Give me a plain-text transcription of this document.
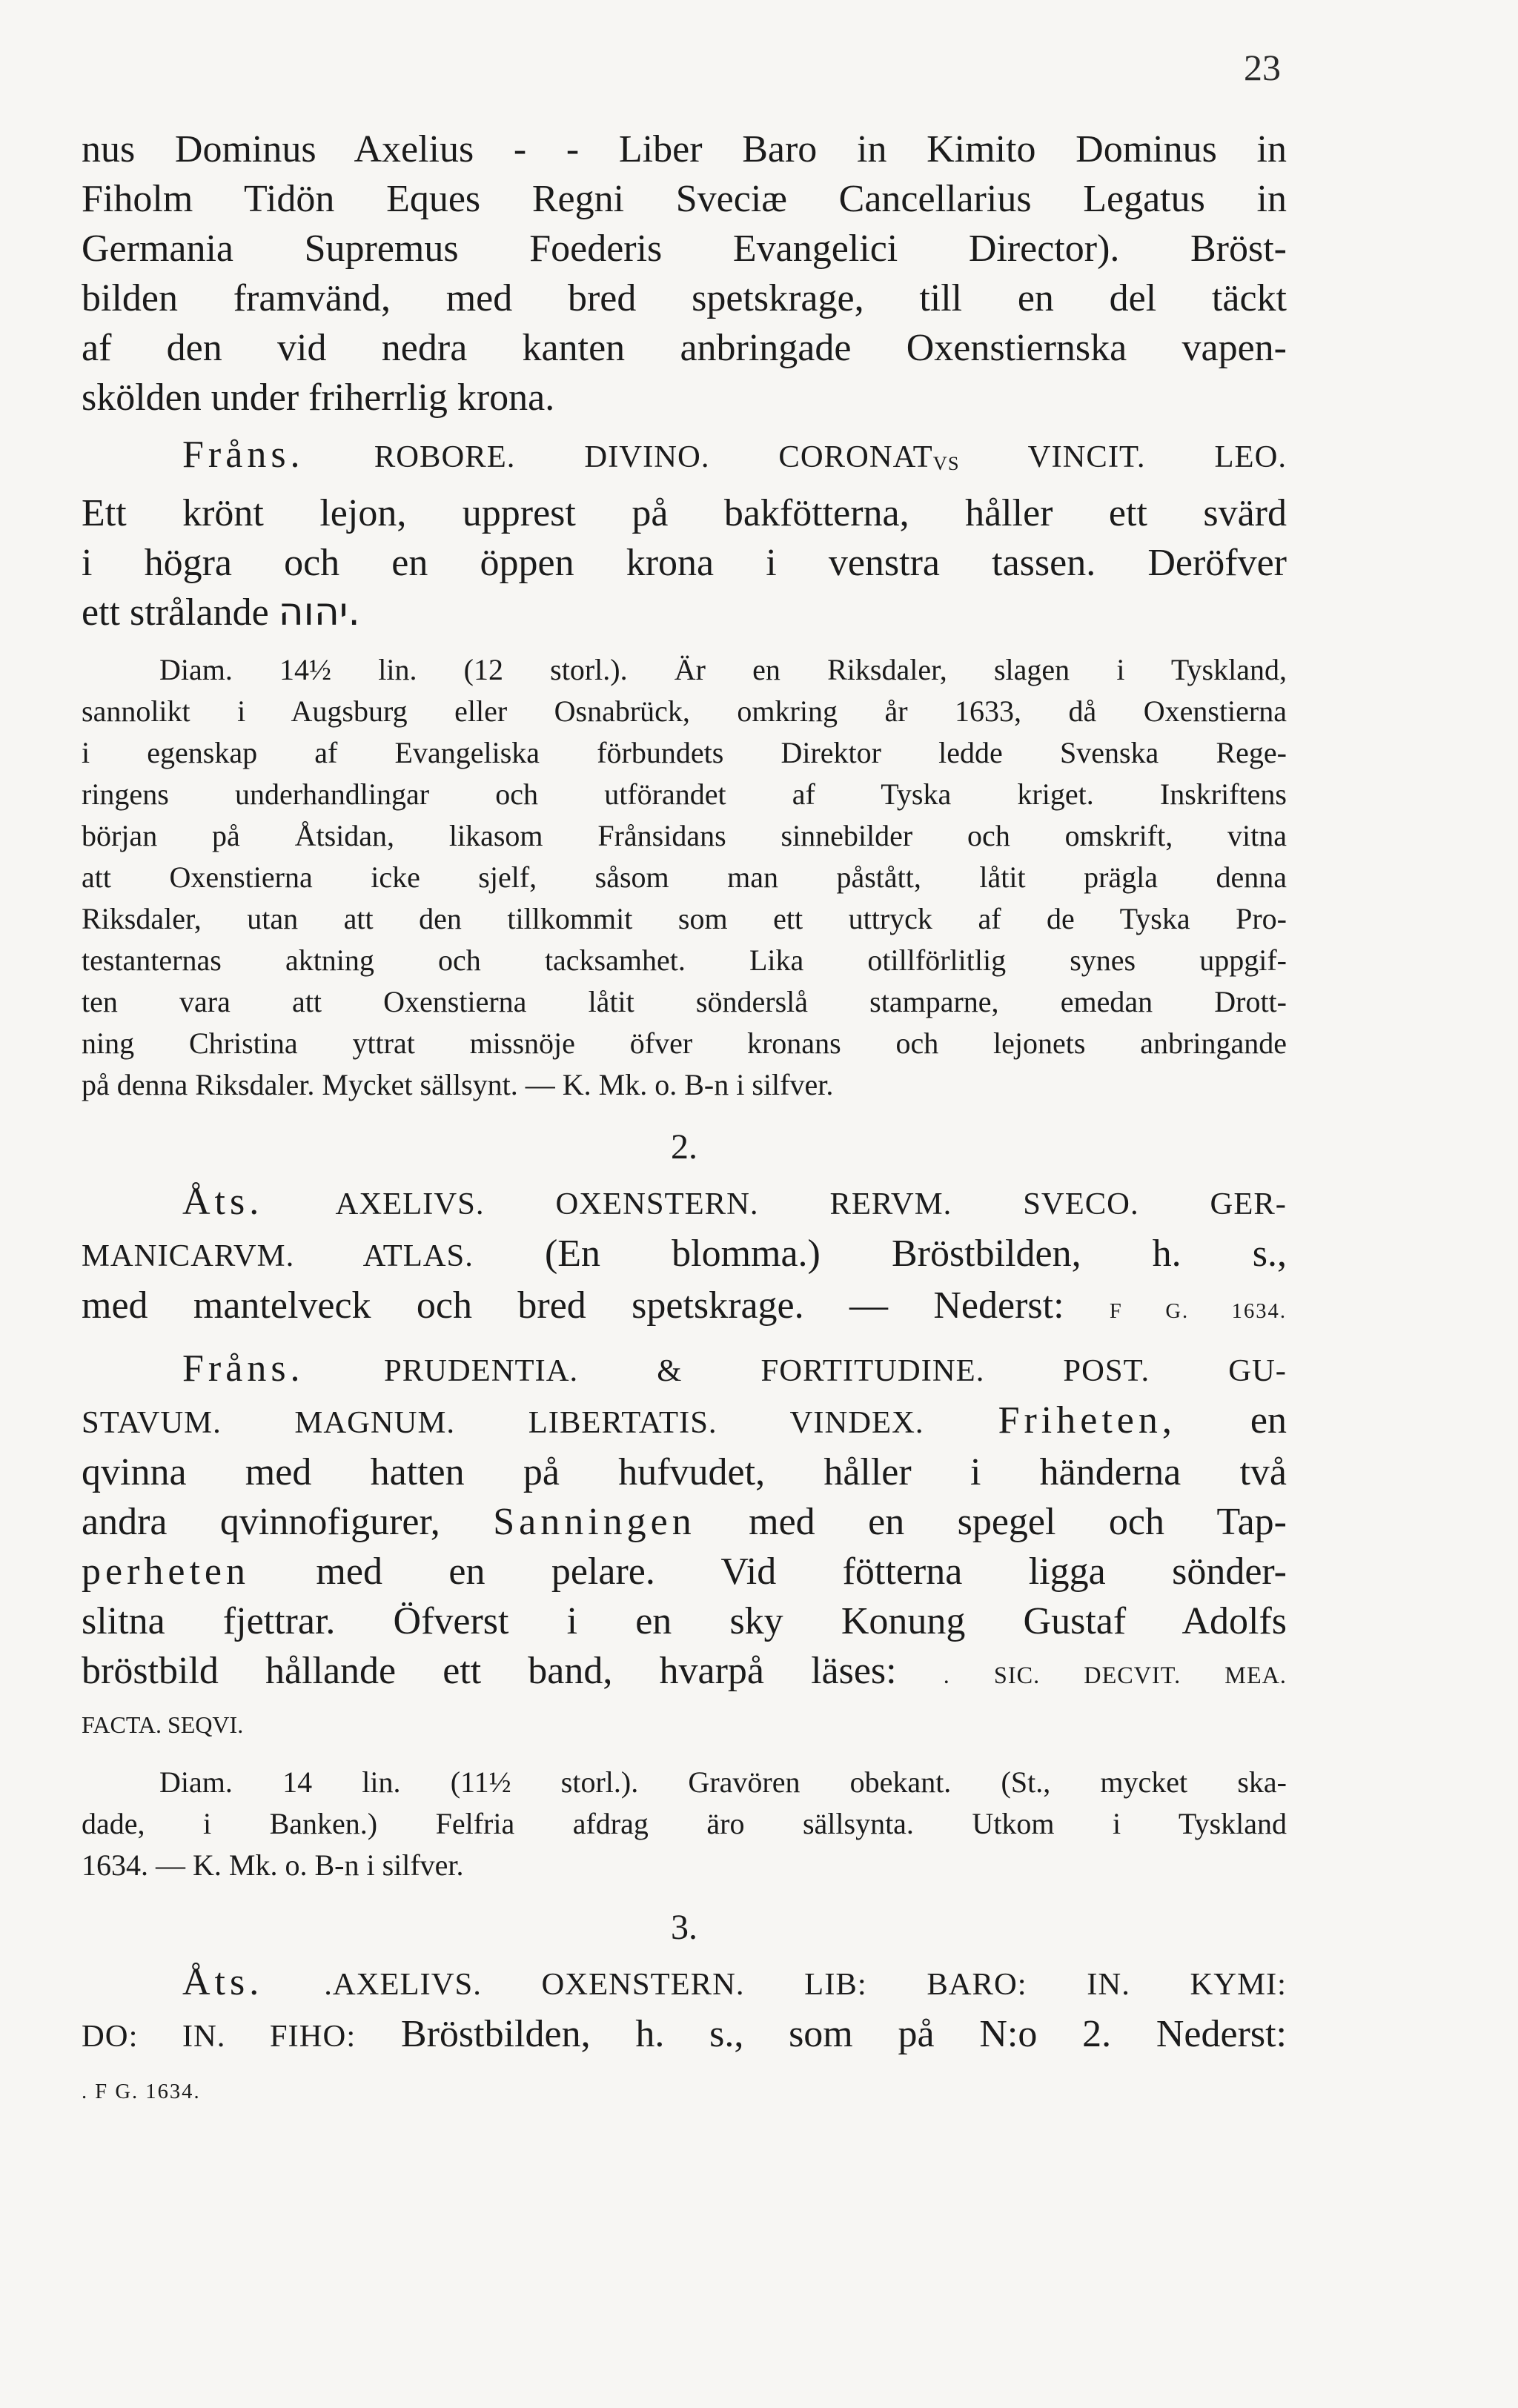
23

nus Dominus Axelius - - Liber Baro in Kimito Dominus in

Fiholm Tidön Eques Regni Sveciæ Cancellarius Legatus in

Germania Supremus Foederis Evangelici Director). Bröst-

bilden framvänd, med bred spetskrage, till en del täckt

af den vid nedra kanten anbringade Oxenstiernska vapen-

skölden under friherrlig krona.

Fråns. ROBORE. DIVINO. CORONATVS VINCIT. LEO.

Ett krönt lejon, upprest på bakfötterna, håller ett svärd

i högra och en öppen krona i venstra tassen. Deröfver

ett strålande יהוה.

Diam. 14½ lin. (12 storl.). Är en Riksdaler, slagen i Tyskland,

sannolikt i Augsburg eller Osnabrück, omkring år 1633, då Oxenstierna

i egenskap af Evangeliska förbundets Direktor ledde Svenska Rege-

ringens underhandlingar och utförandet af Tyska kriget. Inskriftens

början på Åtsidan, likasom Frånsidans sinnebilder och omskrift, vitna

att Oxenstierna icke sjelf, såsom man påstått, låtit prägla denna

Riksdaler, utan att den tillkommit som ett uttryck af de Tyska Pro-

testanternas aktning och tacksamhet. Lika otillförlitlig synes uppgif-

ten vara att Oxenstierna låtit sönderslå stamparne, emedan Drott-

ning Christina yttrat missnöje öfver kronans och lejonets anbringande

på denna Riksdaler. Mycket sällsynt. — K. Mk. o. B-n i silfver.

2.

Åts. AXELIVS. OXENSTERN. RERVM. SVECO. GER-

MANICARVM. ATLAS. (En blomma.) Bröstbilden, h. s.,

med mantelveck och bred spetskrage. — Nederst: F G. 1634.

Fråns.	PRUDENTIA. & FORTITUDINE. POST. GU-

STAVUM. MAGNUM. LIBERTATIS. VINDEX. Friheten, en

qvinna med hatten på hufvudet, håller i händerna två

andra qvinnofigurer, Sanningen med en spegel och Tap-

perheten med en pelare. Vid fötterna ligga sönder-

slitna fjettrar. Öfverst i en sky Konung Gustaf Adolfs

bröstbild hållande ett band, hvarpå läses: . SIC. DECVIT. MEA.

FACTA. SEQVI.

Diam. 14 lin. (11½ storl.). Gravören obekant. (St., mycket ska-

dade, i Banken.) Felfria afdrag äro sällsynta. Utkom i Tyskland

1634. — K. Mk. o. B-n i silfver.

3.

Åts. .AXELIVS. OXENSTERN. LIB: BARO: IN. KYMI:

DO: IN. FIHO: Bröstbilden, h. s., som på N:o 2. Nederst:

. F G. 1634.
